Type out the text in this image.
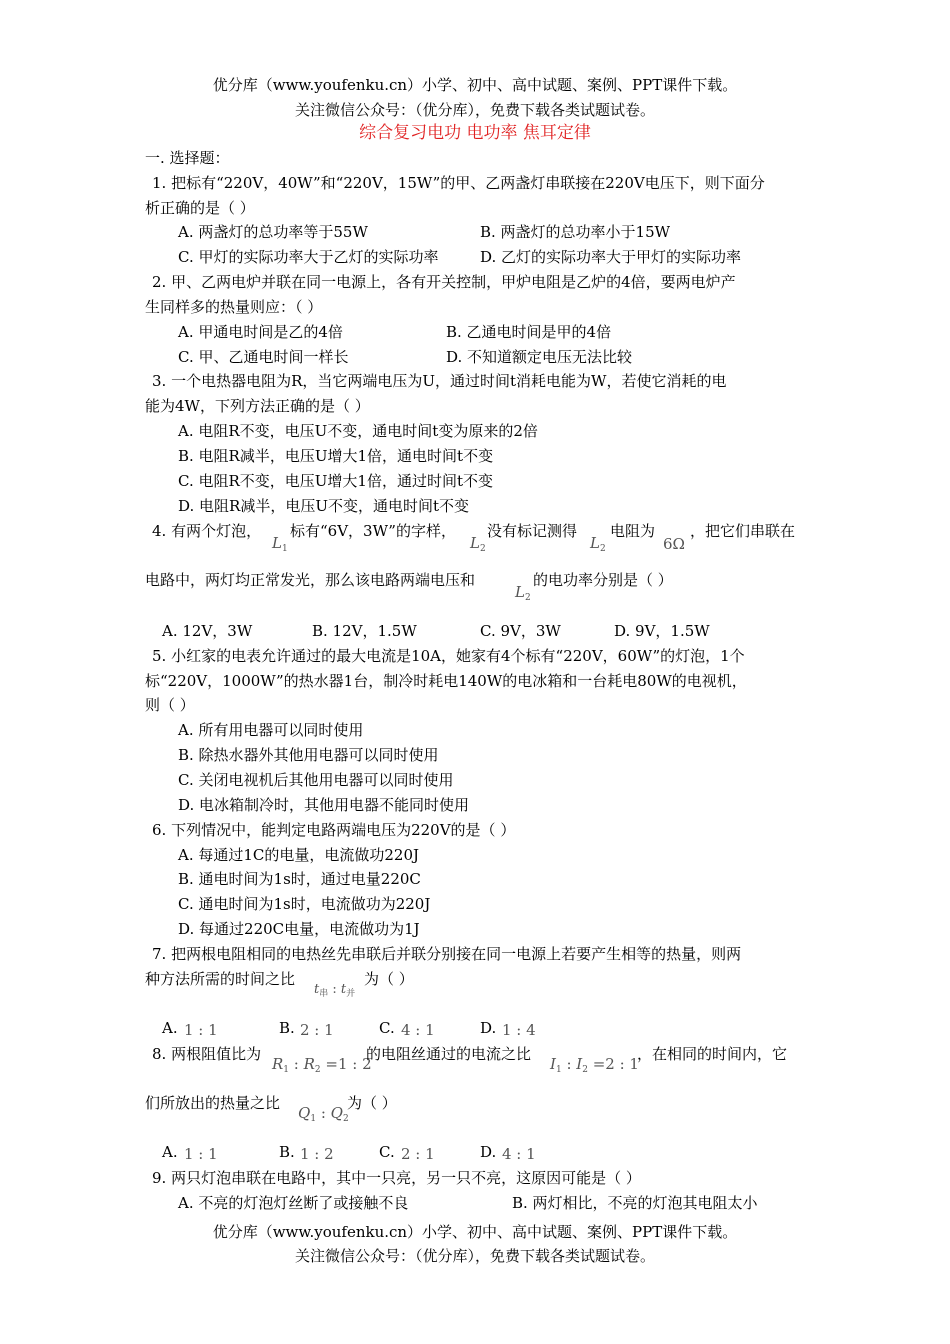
优分库（www.youfenku.cn）小学、初中、高中试题、案例、PPT课件下载。
关注微信公众号：（优分库），免费下载各类试题试卷。
综合复习电功 电功率 焦耳定律
一. 选择题：
1. 把标有“220V，40W”和“220V，15W”的甲、乙两盏灯串联接在220V电压下，则下面分
析正确的是（ ）
A. 两盏灯的总功率等于55W	B. 两盏灯的总功率小于15W
C. 甲灯的实际功率大于乙灯的实际功率	D. 乙灯的实际功率大于甲灯的实际功率
2. 甲、乙两电炉并联在同一电源上，各有开关控制，甲炉电阻是乙炉的4倍，要两电炉产
生同样多的热量则应：（ ）
A. 甲通电时间是乙的4倍	B. 乙通电时间是甲的4倍
C. 甲、乙通电时间一样长	D. 不知道额定电压无法比较
3. 一个电热器电阻为R，当它两端电压为U，通过时间t消耗电能为W，若使它消耗的电
能为4W，下列方法正确的是（ ）
A. 电阻R不变，电压U不变，通电时间t变为原来的2倍
B. 电阻R减半，电压U增大1倍，通电时间t不变
C. 电阻R不变，电压U增大1倍，通过时间t不变
D. 电阻R减半，电压U不变，通电时间t不变
4. 有两个灯泡，
$L_1$
标有“6V，3W”的字样，
$L_2$
没有标记测得
$L_2$
电阻为
6Ω
，把它们串联在
电路中，两灯均正常发光，那么该电路两端电压和
$L_2$
的电功率分别是（ ）
A. 12V，3W	B. 12V，1.5W	C. 9V，3W	D. 9V，1.5W
5. 小红家的电表允许通过的最大电流是10A，她家有4个标有“220V，60W”的灯泡，1个
标“220V，1000W”的热水器1台，制冷时耗电140W的电冰箱和一台耗电80W的电视机，
则（ ）
A. 所有用电器可以同时使用
B. 除热水器外其他用电器可以同时使用
C. 关闭电视机后其他用电器可以同时使用
D. 电冰箱制冷时，其他用电器不能同时使用
6. 下列情况中，能判定电路两端电压为220V的是（ ）
A. 每通过1C的电量，电流做功220J
B. 通电时间为1s时，通过电量220C
C. 通电时间为1s时，电流做功为220J
D. 每通过220C电量，电流做功为1J
7. 把两根电阻相同的电热丝先串联后并联分别接在同一电源上若要产生相等的热量，则两
种方法所需的时间之比
$t_串$ : $t_并$
为（ ）
A. 1 : 1	B. 2 : 1	C. 4 : 1	D. 1 : 4
8. 两根阻值比为
$R_1$ : $R_2 =1$ : 2
的电阻丝通过的电流之比
$I_1$ : $I_2 =2$ : 1
，在相同的时间内，它
们所放出的热量之比
$Q_1$ : $Q_2$
为（ ）
A. 1 : 1	B. 1 : 2	C. 2 : 1	D. 4 : 1
9. 两只灯泡串联在电路中，其中一只亮，另一只不亮，这原因可能是（ ）
A. 不亮的灯泡灯丝断了或接触不良	B. 两灯相比，不亮的灯泡其电阻太小
优分库（www.youfenku.cn）小学、初中、高中试题、案例、PPT课件下载。
关注微信公众号：（优分库），免费下载各类试题试卷。
